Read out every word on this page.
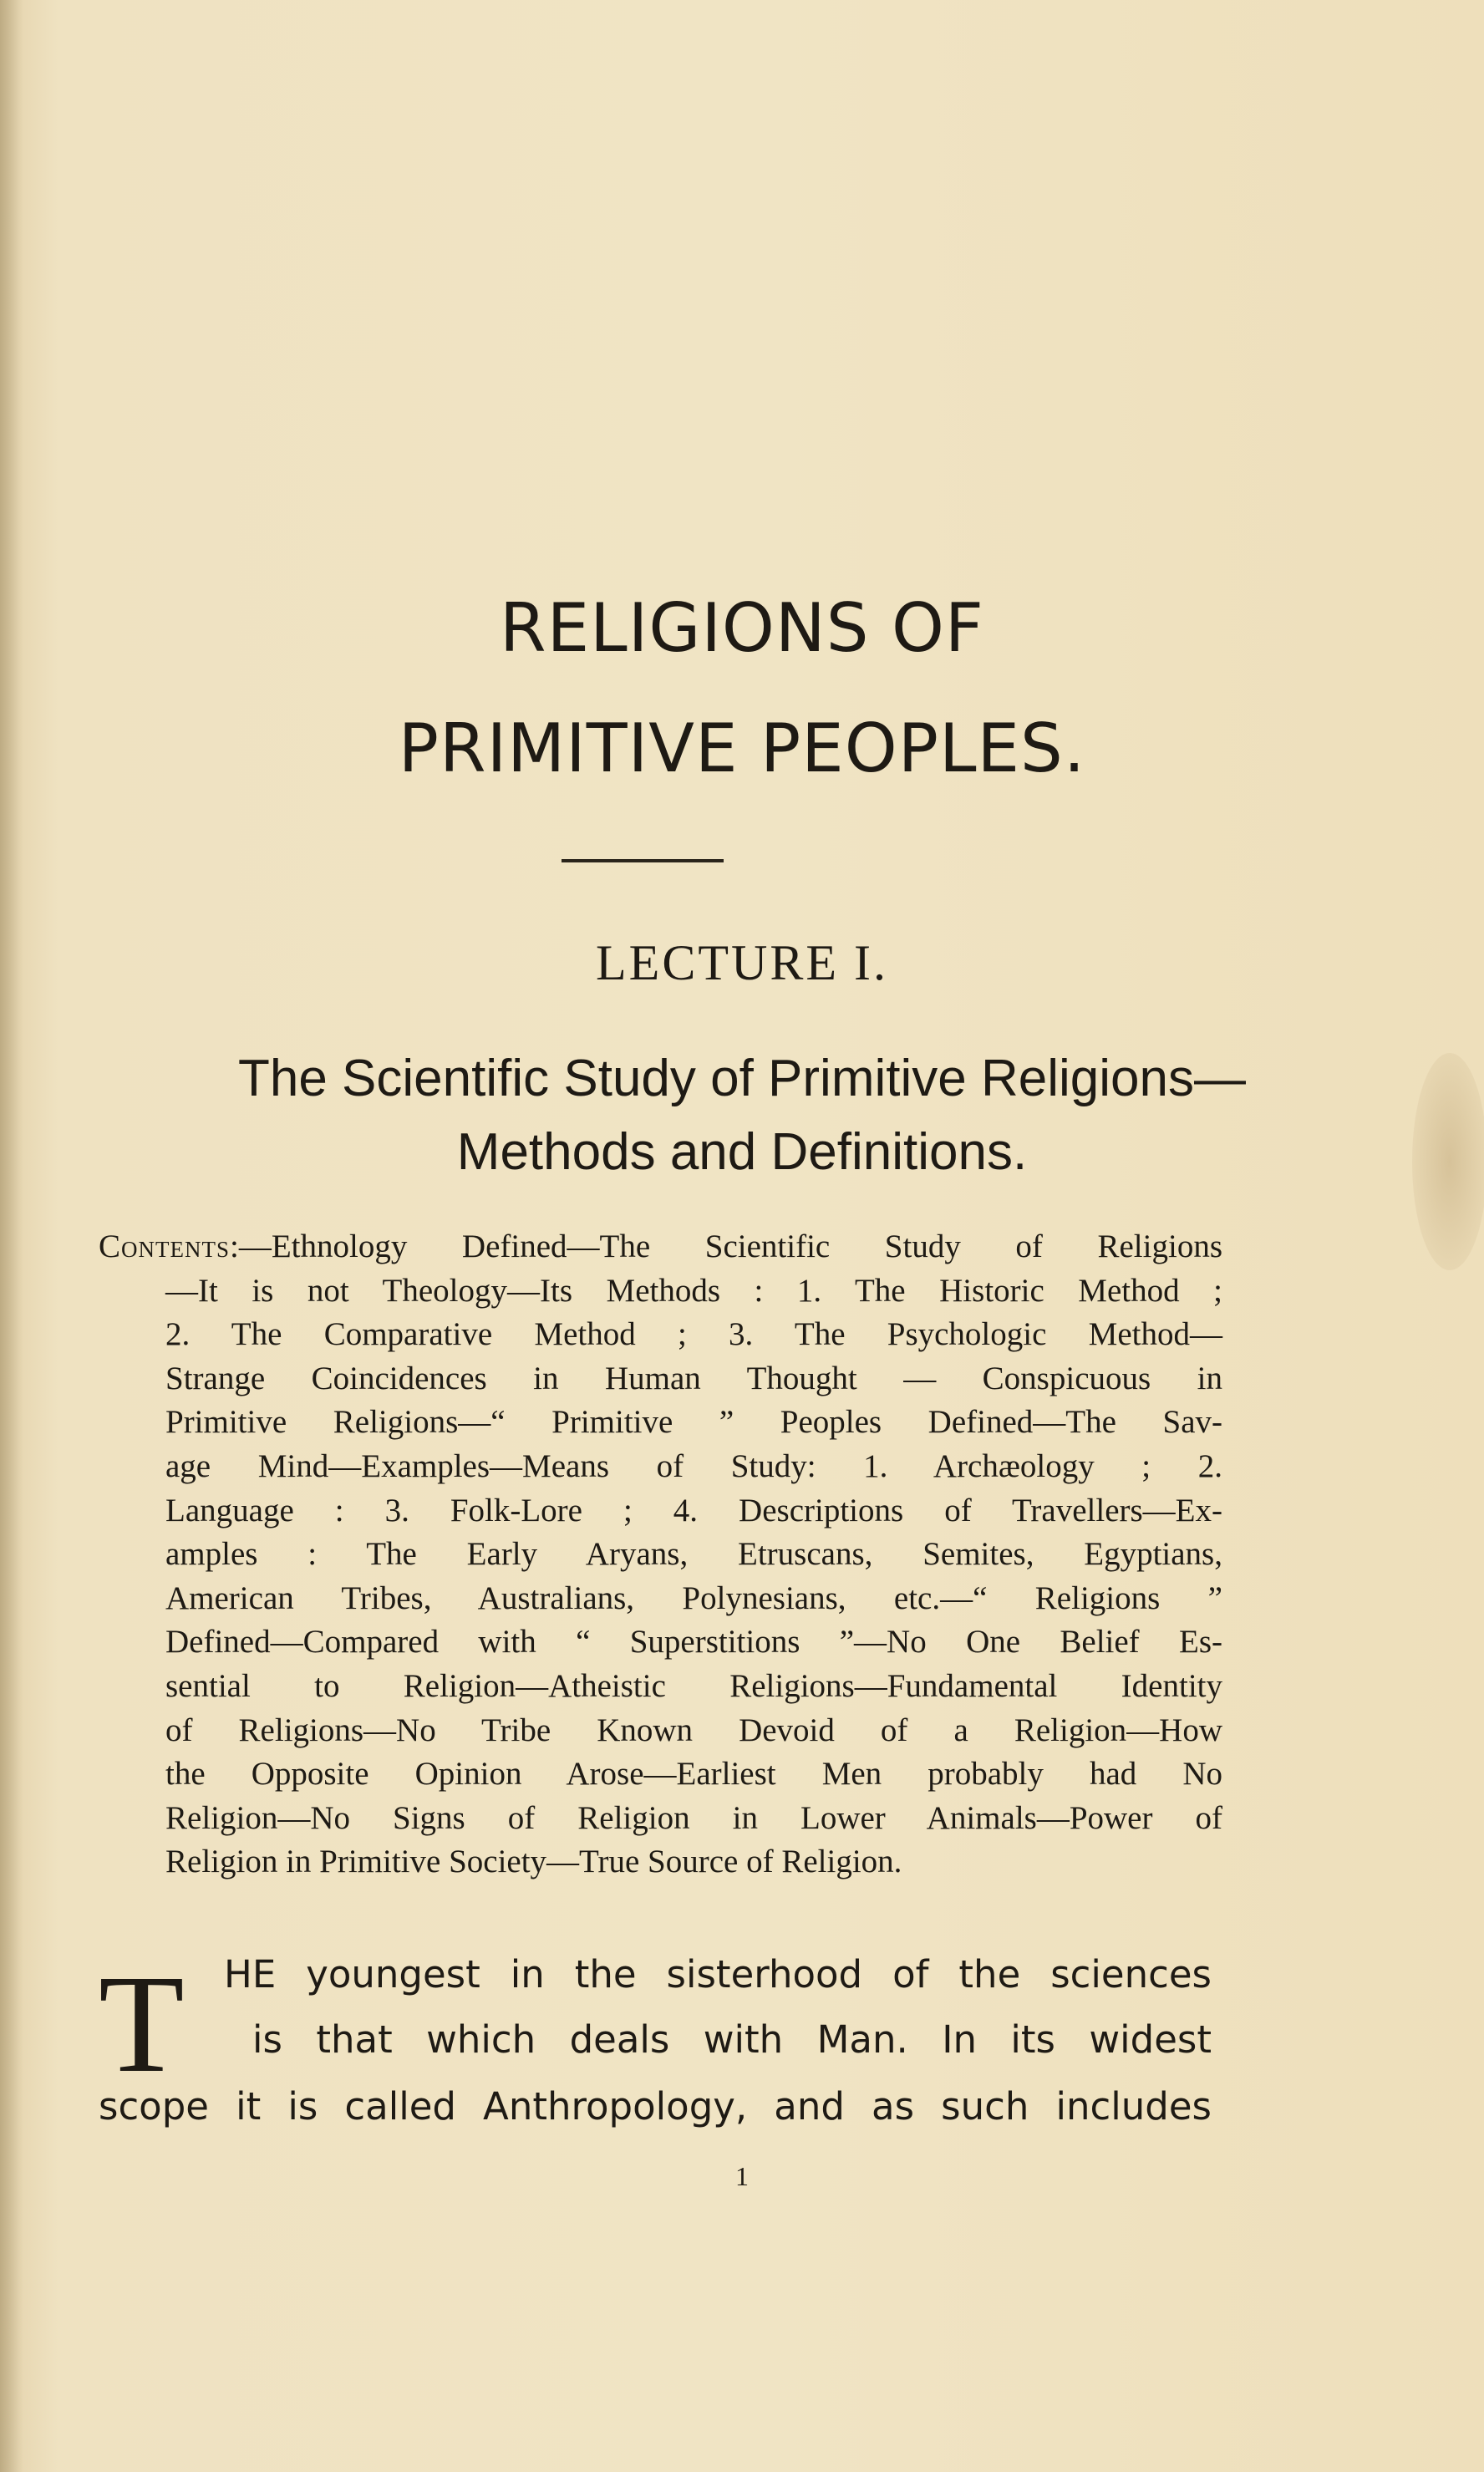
RELIGIONS OF
PRIMITIVE PEOPLES.
LECTURE I.
The Scientific Study of Primitive Religions—
Methods and Definitions.
Contents:—Ethnology Defined—The Scientific Study of Religions
—It is not Theology—Its Methods : 1. The Historic Method ;
2. The Comparative Method ; 3. The Psychologic Method—
Strange Coincidences in Human Thought — Conspicuous in
Primitive Religions—“ Primitive ” Peoples Defined—The Sav-
age Mind—Examples—Means of Study: 1. Archæology ; 2.
Language : 3. Folk-Lore ; 4. Descriptions of Travellers—Ex-
amples : The Early Aryans, Etruscans, Semites, Egyptians,
American Tribes, Australians, Polynesians, etc.—“ Religions ”
Defined—Compared with “ Superstitions ”—No One Belief Es-
sential to Religion—Atheistic Religions—Fundamental Identity
of Religions—No Tribe Known Devoid of a Religion—How
the Opposite Opinion Arose—Earliest Men probably had No
Religion—No Signs of Religion in Lower Animals—Power of
Religion in Primitive Society—True Source of Religion.
T HE youngest in the sisterhood of the sciences
is that which deals with Man. In its widest
scope it is called Anthropology, and as such includes
1
